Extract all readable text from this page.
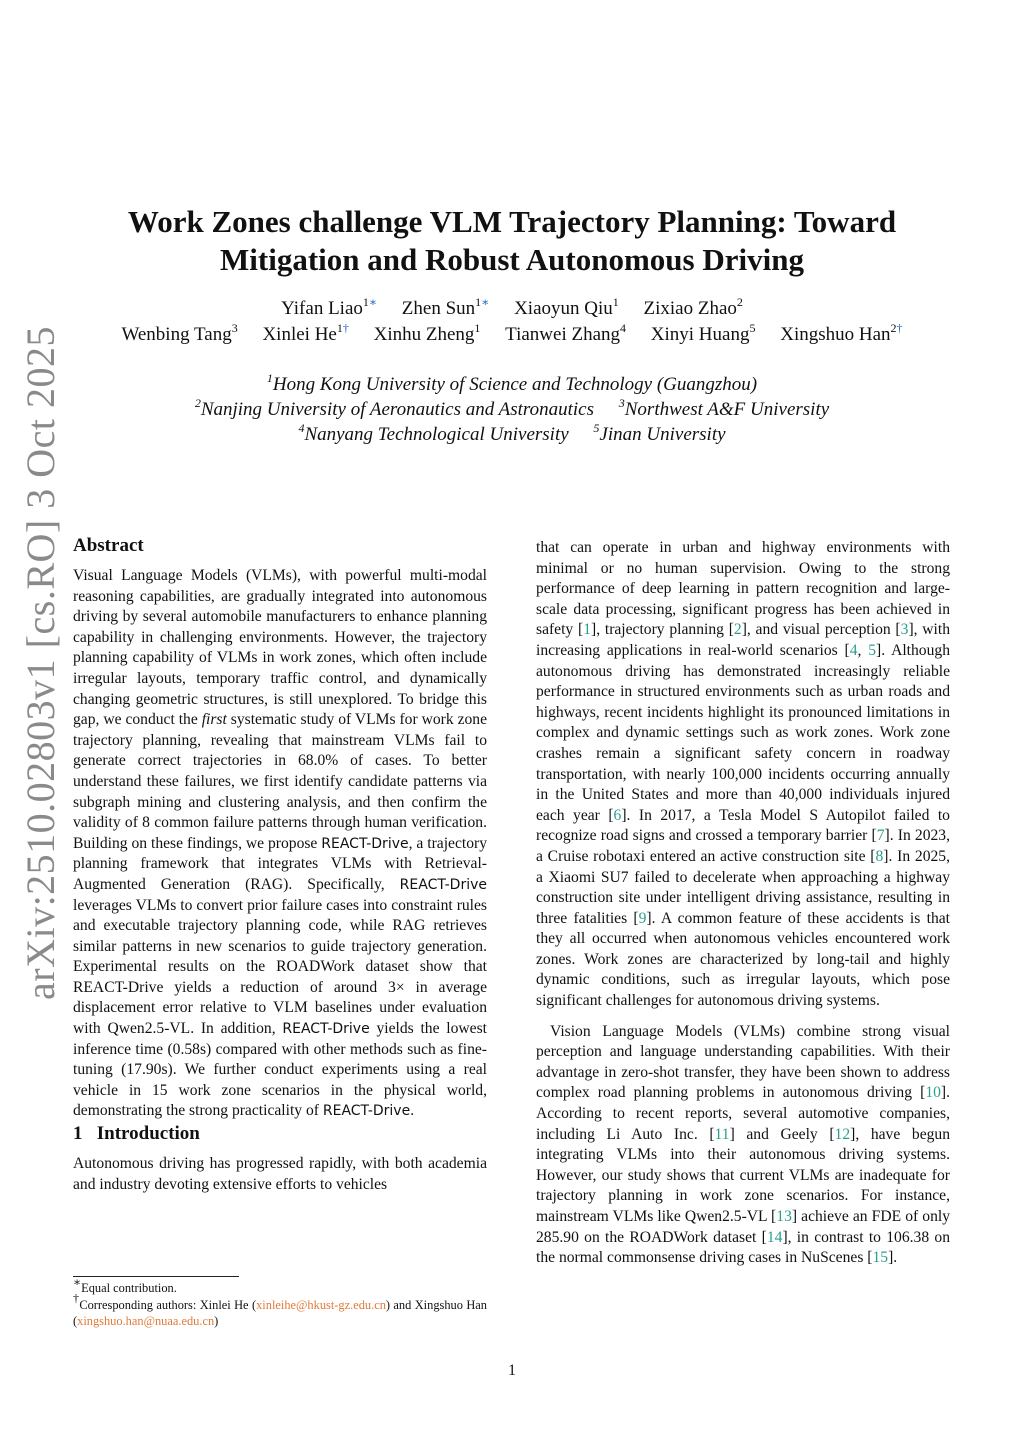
arXiv:2510.02803v1 [cs.RO] 3 Oct 2025
Work Zones challenge VLM Trajectory Planning: Toward Mitigation and Robust Autonomous Driving
Yifan Liao$^{1∗}$ Zhen Sun$^{1∗}$ Xiaoyun Qiu$^1$ Zixiao Zhao$^2$
Wenbing Tang$^3$ Xinlei $He^{1\dagger}$ Xinhu Zheng$^1$ Tianwei Zhang$^4$ Xinyi Huang$^5$ Xingshuo Han$^{2\dagger}$
$^1$Hong Kong University of Science and Technology (Guangzhou)
$^2$Nanjing University of Aeronautics and Astronautics $^3$Northwest A&F University
$^4$Nanyang Technological University $^5$Jinan University
Abstract

Visual Language Models (VLMs), with powerful multi-modal reasoning capabilities, are gradually integrated into autonomous driving by several automobile manufacturers to enhance planning capability in challenging environments. However, the trajectory planning capability of VLMs in work zones, which often include irregular layouts, temporary traffic control, and dynamically changing geometric structures, is still unexplored. To bridge this gap, we conduct the first systematic study of VLMs for work zone trajectory planning, revealing that mainstream VLMs fail to generate correct trajectories in 68.0% of cases. To better understand these failures, we first identify candidate patterns via subgraph mining and clustering analysis, and then confirm the validity of 8 common failure patterns through human verification. Building on these findings, we propose REACT-Drive, a trajectory planning framework that integrates VLMs with Retrieval-Augmented Generation (RAG). Specifically, REACT-Drive leverages VLMs to convert prior failure cases into constraint rules and executable trajectory planning code, while RAG retrieves similar patterns in new scenarios to guide trajectory generation. Experimental results on the ROADWork dataset show that REACT-Drive yields a reduction of around 3× in average displacement error relative to VLM baselines under evaluation with Qwen2.5-VL. In addition, REACT-Drive yields the lowest inference time (0.58s) compared with other methods such as fine-tuning (17.90s). We further conduct experiments using a real vehicle in 15 work zone scenarios in the physical world, demonstrating the strong practicality of REACT-Drive.

1 Introduction

Autonomous driving has progressed rapidly, with both academia and industry devoting extensive efforts to vehicles

that can operate in urban and highway environments with minimal or no human supervision. Owing to the strong performance of deep learning in pattern recognition and large-scale data processing, significant progress has been achieved in safety [1], trajectory planning [2], and visual perception [3], with increasing applications in real-world scenarios [4, 5]. Although autonomous driving has demonstrated increasingly reliable performance in structured environments such as urban roads and highways, recent incidents highlight its pronounced limitations in complex and dynamic settings such as work zones. Work zone crashes remain a significant safety concern in roadway transportation, with nearly 100,000 incidents occurring annually in the United States and more than 40,000 individuals injured each year [6]. In 2017, a Tesla Model S Autopilot failed to recognize road signs and crossed a temporary barrier [7]. In 2023, a Cruise robotaxi entered an active construction site [8]. In 2025, a Xiaomi SU7 failed to decelerate when approaching a highway construction site under intelligent driving assistance, resulting in three fatalities [9]. A common feature of these accidents is that they all occurred when autonomous vehicles encountered work zones. Work zones are characterized by long-tail and highly dynamic conditions, such as irregular layouts, which pose significant challenges for autonomous driving systems.

Vision Language Models (VLMs) combine strong visual perception and language understanding capabilities. With their advantage in zero-shot transfer, they have been shown to address complex road planning problems in autonomous driving [10]. According to recent reports, several automotive companies, including Li Auto Inc. [11] and Geely [12], have begun integrating VLMs into their autonomous driving systems. However, our study shows that current VLMs are inadequate for trajectory planning in work zone scenarios. For instance, mainstream VLMs like Qwen2.5-VL [13] achieve an FDE of only 285.90 on the ROADWork dataset [14], in contrast to 106.38 on the normal commonsense driving cases in NuScenes [15].

∗Equal contribution.
†Corresponding authors: Xinlei He (xinleihe@hkust-gz.edu.cn) and Xingshuo Han (xingshuo.han@nuaa.edu.cn)
1
